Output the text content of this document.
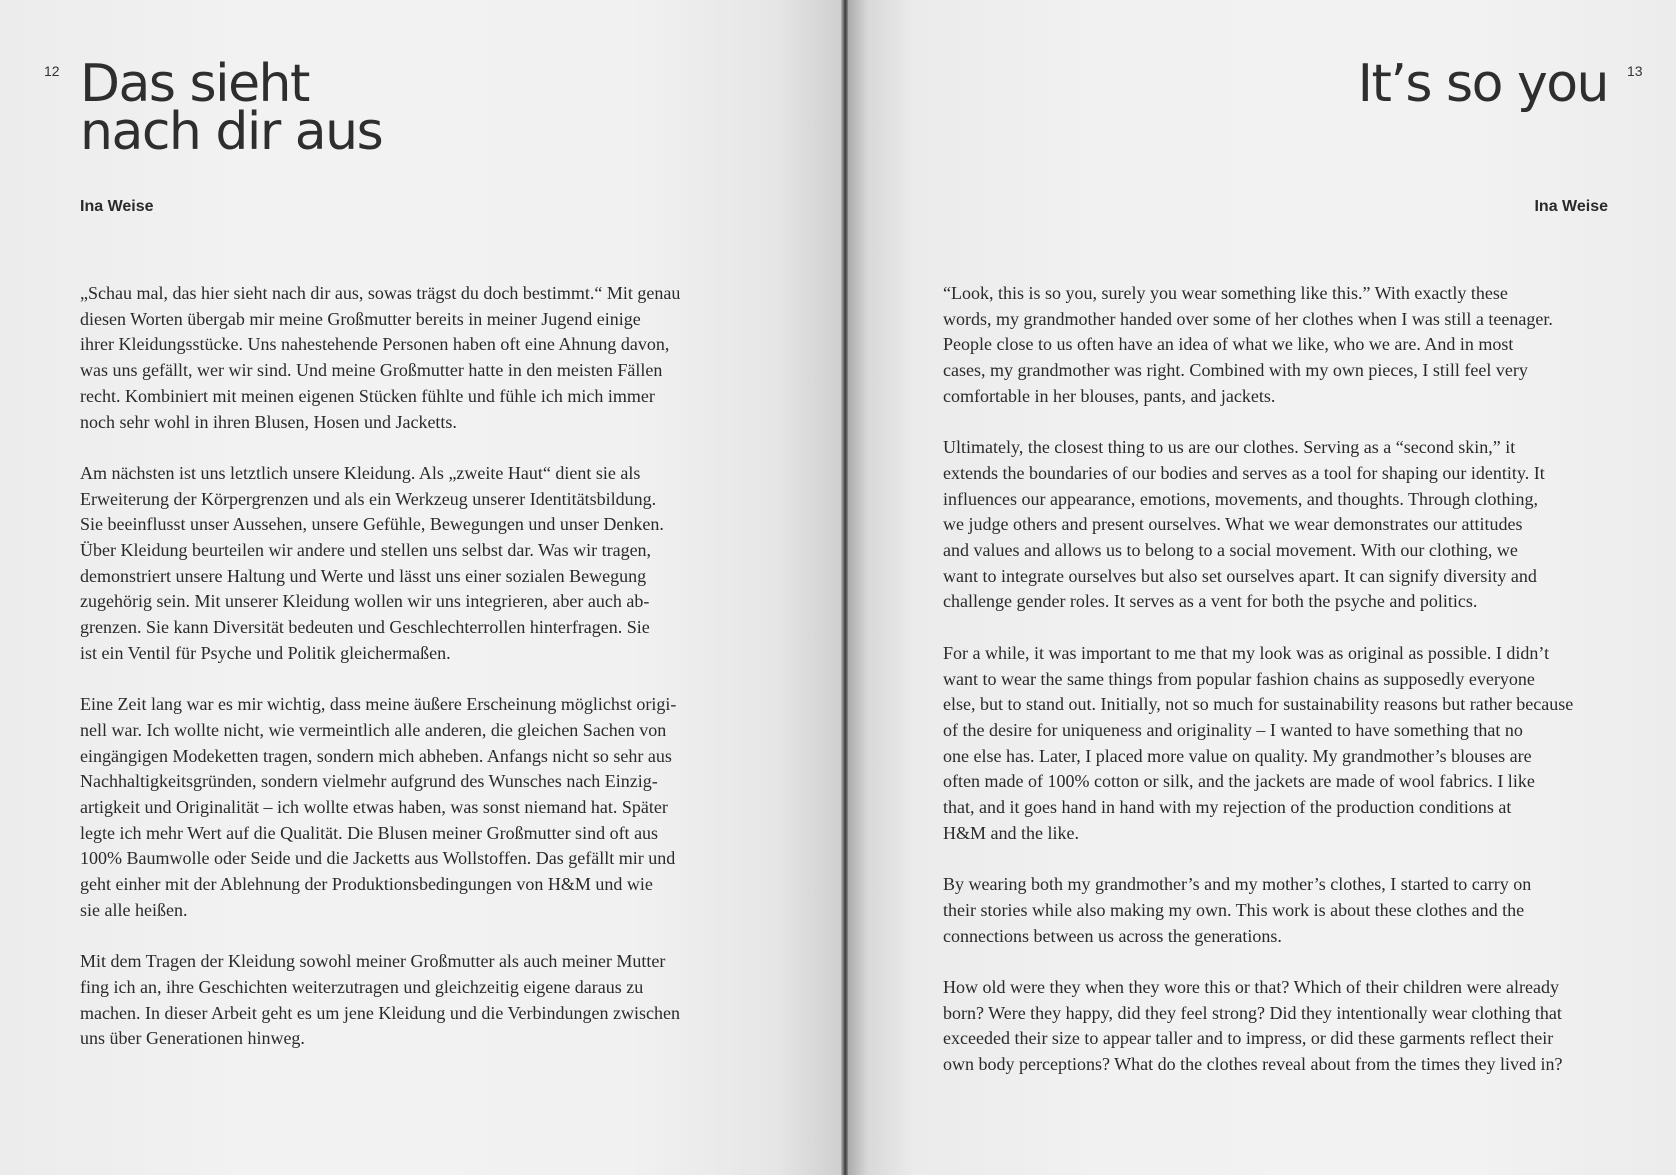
12 Das sieht
nach dir aus
Ina Weise

„Schau mal, das hier sieht nach dir aus, sowas trägst du doch bestimmt.“ Mit genau
diesen Worten übergab mir meine Großmutter bereits in meiner Jugend einige
ihrer Kleidungsstücke. Uns nahestehende Personen haben oft eine Ahnung davon,
was uns gefällt, wer wir sind. Und meine Großmutter hatte in den meisten Fällen
recht. Kombiniert mit meinen eigenen Stücken fühlte und fühle ich mich immer
noch sehr wohl in ihren Blusen, Hosen und Jacketts.

Am nächsten ist uns letztlich unsere Kleidung. Als „zweite Haut“ dient sie als
Erweiterung der Körpergrenzen und als ein Werkzeug unserer Identitätsbildung.
Sie beeinflusst unser Aussehen, unsere Gefühle, Bewegungen und unser Denken.
Über Kleidung beurteilen wir andere und stellen uns selbst dar. Was wir tragen,
demonstriert unsere Haltung und Werte und lässt uns einer sozialen Bewegung
zugehörig sein. Mit unserer Kleidung wollen wir uns integrieren, aber auch ab-
grenzen. Sie kann Diversität bedeuten und Geschlechterrollen hinterfragen. Sie
ist ein Ventil für Psyche und Politik gleichermaßen.

Eine Zeit lang war es mir wichtig, dass meine äußere Erscheinung möglichst origi-
nell war. Ich wollte nicht, wie vermeintlich alle anderen, die gleichen Sachen von
eingängigen Modeketten tragen, sondern mich abheben. Anfangs nicht so sehr aus
Nachhaltigkeitsgründen, sondern vielmehr aufgrund des Wunsches nach Einzig-
artigkeit und Originalität – ich wollte etwas haben, was sonst niemand hat. Später
legte ich mehr Wert auf die Qualität. Die Blusen meiner Großmutter sind oft aus
100% Baumwolle oder Seide und die Jacketts aus Wollstoffen. Das gefällt mir und
geht einher mit der Ablehnung der Produktionsbedingungen von H&M und wie
sie alle heißen.

Mit dem Tragen der Kleidung sowohl meiner Großmutter als auch meiner Mutter
fing ich an, ihre Geschichten weiterzutragen und gleichzeitig eigene daraus zu
machen. In dieser Arbeit geht es um jene Kleidung und die Verbindungen zwischen
uns über Generationen hinweg.

13
It’s so you
Ina Weise

“Look, this is so you, surely you wear something like this.” With exactly these
words, my grandmother handed over some of her clothes when I was still a teenager.
People close to us often have an idea of what we like, who we are. And in most
cases, my grandmother was right. Combined with my own pieces, I still feel very
comfortable in her blouses, pants, and jackets.

Ultimately, the closest thing to us are our clothes. Serving as a “second skin,” it
extends the boundaries of our bodies and serves as a tool for shaping our identity. It
influences our appearance, emotions, movements, and thoughts. Through clothing,
we judge others and present ourselves. What we wear demonstrates our attitudes
and values and allows us to belong to a social movement. With our clothing, we
want to integrate ourselves but also set ourselves apart. It can signify diversity and
challenge gender roles. It serves as a vent for both the psyche and politics.

For a while, it was important to me that my look was as original as possible. I didn’t
want to wear the same things from popular fashion chains as supposedly everyone
else, but to stand out. Initially, not so much for sustainability reasons but rather because
of the desire for uniqueness and originality – I wanted to have something that no
one else has. Later, I placed more value on quality. My grandmother’s blouses are
often made of 100% cotton or silk, and the jackets are made of wool fabrics. I like
that, and it goes hand in hand with my rejection of the production conditions at
H&M and the like.

By wearing both my grandmother’s and my mother’s clothes, I started to carry on
their stories while also making my own. This work is about these clothes and the
connections between us across the generations.

How old were they when they wore this or that? Which of their children were already
born? Were they happy, did they feel strong? Did they intentionally wear clothing that
exceeded their size to appear taller and to impress, or did these garments reflect their
own body perceptions? What do the clothes reveal about from the times they lived in?
